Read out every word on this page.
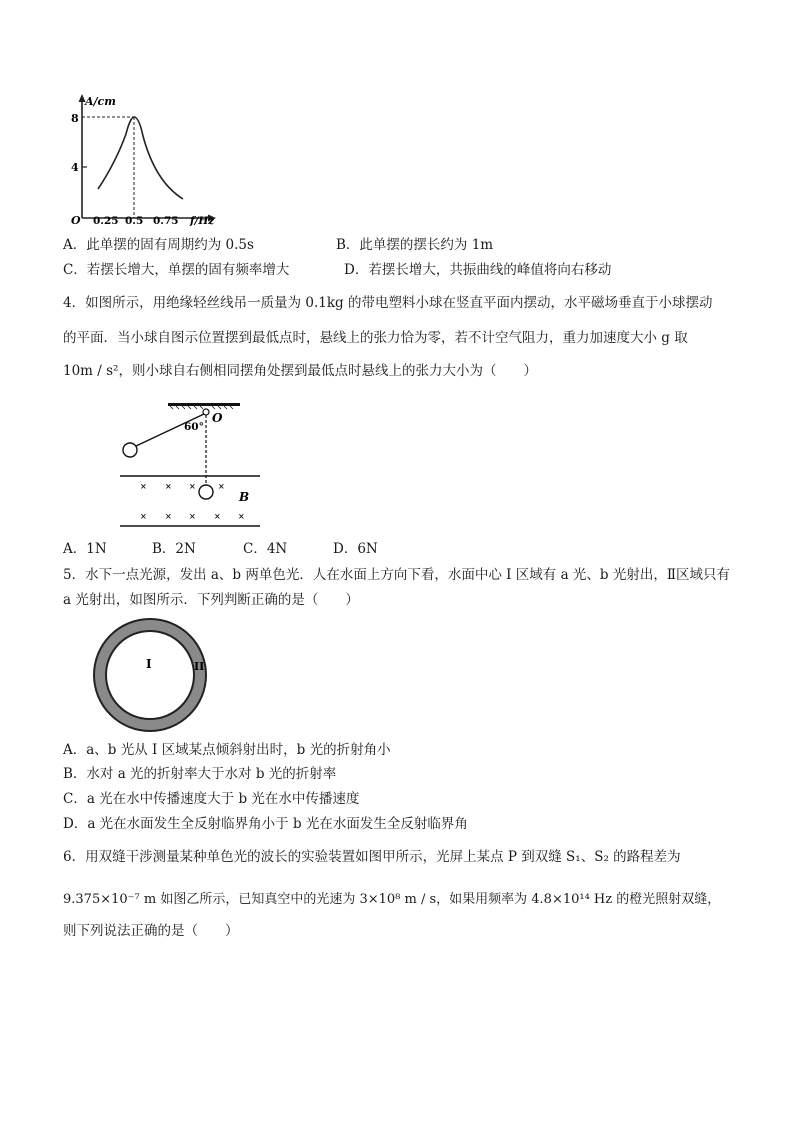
A/cm
8
4
O 0.25 0.5 0.75 f/Hz
A．此单摆的固有周期约为 0.5s	B．此单摆的摆长约为 1m
C．若摆长增大，单摆的固有频率增大	D．若摆长增大，共振曲线的峰值将向右移动
4．如图所示，用绝缘轻丝线吊一质量为 0.1kg 的带电塑料小球在竖直平面内摆动，水平磁场垂直于小球摆动
的平面．当小球自图示位置摆到最低点时，悬线上的张力恰为零，若不计空气阻力，重力加速度大小 g 取
10m / s²，则小球自右侧相同摆角处摆到最低点时悬线上的张力大小为（　　）
O
60°
× × ×	×
× × × × ×
B
A．1N	B．2N	C．4N	D．6N
5．水下一点光源，发出 a、b 两单色光．人在水面上方向下看，水面中心 I 区域有 a 光、b 光射出，Ⅱ区域只有
a 光射出，如图所示．下列判断正确的是（　　）
I	II
A．a、b 光从 I 区域某点倾斜射出时，b 光的折射角小
B．水对 a 光的折射率大于水对 b 光的折射率
C．a 光在水中传播速度大于 b 光在水中传播速度
D．a 光在水面发生全反射临界角小于 b 光在水面发生全反射临界角
6．用双缝干涉测量某种单色光的波长的实验装置如图甲所示，光屏上某点 P 到双缝 S₁、S₂ 的路程差为
9.375×10⁻⁷ m 如图乙所示，已知真空中的光速为 3×10⁸ m / s，如果用频率为 4.8×10¹⁴ Hz 的橙光照射双缝，
则下列说法正确的是（　　）
